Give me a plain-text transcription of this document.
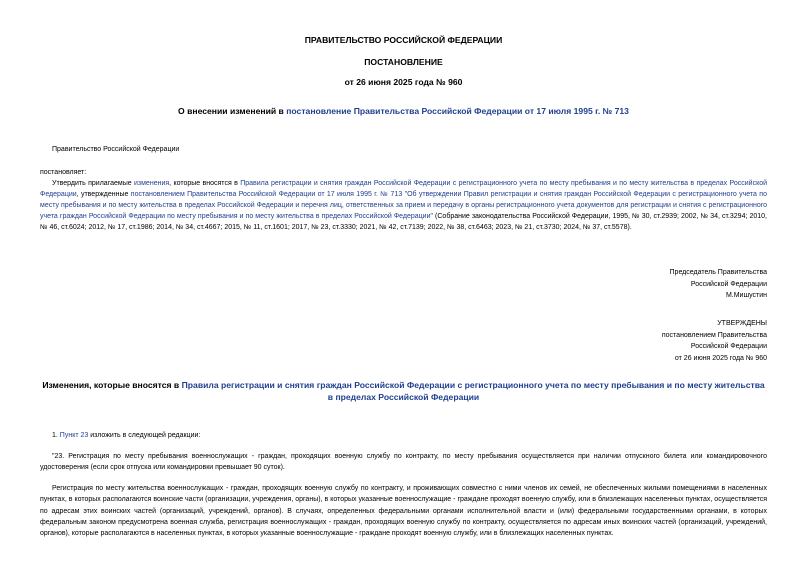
ПРАВИТЕЛЬСТВО РОССИЙСКОЙ ФЕДЕРАЦИИ
ПОСТАНОВЛЕНИЕ
от 26 июня 2025 года № 960
О внесении изменений в постановление Правительства Российской Федерации от 17 июля 1995 г. № 713
Правительство Российской Федерации
постановляет:
Утвердить прилагаемые изменения, которые вносятся в Правила регистрации и снятия граждан Российской Федерации с регистрационного учета по месту пребывания и по месту жительства в пределах Российской Федерации, утвержденные постановлением Правительства Российской Федерации от 17 июля 1995 г. № 713 "Об утверждении Правил регистрации и снятия граждан Российской Федерации с регистрационного учета по месту пребывания и по месту жительства в пределах Российской Федерации и перечня лиц, ответственных за прием и передачу в органы регистрационного учета документов для регистрации и снятия с регистрационного учета граждан Российской Федерации по месту пребывания и по месту жительства в пределах Российской Федерации" (Собрание законодательства Российской Федерации, 1995, № 30, ст.2939; 2002, № 34, ст.3294; 2010, № 46, ст.6024; 2012, № 17, ст.1986; 2014, № 34, ст.4667; 2015, № 11, ст.1601; 2017, № 23, ст.3330; 2021, № 42, ст.7139; 2022, № 38, ст.6463; 2023, № 21, ст.3730; 2024, № 37, ст.5578).
Председатель Правительства
Российской Федерации
М.Мишустин
УТВЕРЖДЕНЫ
постановлением Правительства
Российской Федерации
от 26 июня 2025 года № 960
Изменения, которые вносятся в Правила регистрации и снятия граждан Российской Федерации с регистрационного учета по месту пребывания и по месту жительства в пределах Российской Федерации
1. Пункт 23 изложить в следующей редакции:
"23. Регистрация по месту пребывания военнослужащих - граждан, проходящих военную службу по контракту, по месту пребывания осуществляется при наличии отпускного билета или командировочного удостоверения (если срок отпуска или командировки превышает 90 суток).
Регистрация по месту жительства военнослужащих - граждан, проходящих военную службу по контракту, и проживающих совместно с ними членов их семей, не обеспеченных жилыми помещениями в населенных пунктах, в которых располагаются воинские части (организации, учреждения, органы), в которых указанные военнослужащие - граждане проходят военную службу, или в близлежащих населенных пунктах, осуществляется по адресам этих воинских частей (организаций, учреждений, органов). В случаях, определенных федеральными органами исполнительной власти и (или) федеральными государственными органами, в которых федеральным законом предусмотрена военная служба, регистрация военнослужащих - граждан, проходящих военную службу по контракту, осуществляется по адресам иных воинских частей (организаций, учреждений, органов), которые располагаются в населенных пунктах, в которых указанные военнослужащие - граждане проходят военную службу, или в близлежащих населенных пунктах.
